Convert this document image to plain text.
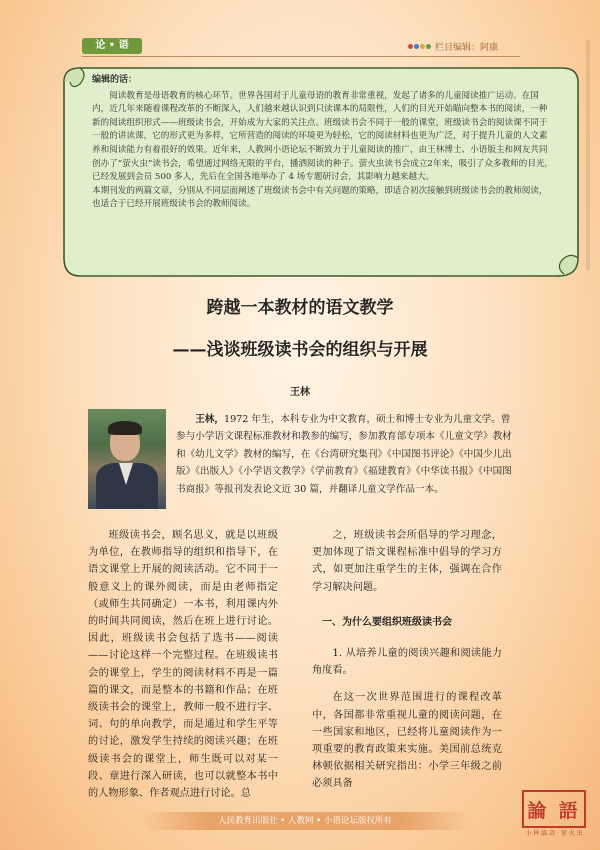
论 • 语	栏目编辑：阿康
编辑的话：

阅读教育是母语教育的核心环节。世界各国对于儿童母语的教育非常重视，发起了诸多的儿童阅读推广运动。在国内，近几年来随着课程改革的不断深入，人们越来越认识到只读课本的局限性，人们的目光开始瞄向整本书的阅读，一种新的阅读组织形式——班级读书会，开始成为大家的关注点。班级读书会不同于一般的课堂，班级读书会的阅读课不同于一般的讲读课，它的形式更为多样，它所营造的阅读的环境更为轻松，它的阅读材料也更为广泛，对于提升儿童的人文素养和阅读能力有着很好的效果。近年来，人教网小语论坛不断致力于儿童阅读的推广，由王林博士、小语版主和网友共同创办了“萤火虫”读书会，希望通过网络无限的平台，播洒阅读的种子。萤火虫读书会成立2年来，吸引了众多教师的目光，已经发展到会员 500 多人，先后在全国各地举办了 4 场专题研讨会，其影响力越来越大。

本期刊发的两篇文章，分别从不同层面阐述了班级读书会中有关问题的策略，即适合初次接触到班级读书会的教师阅读，也适合于已经开展班级读书会的教师阅读。

跨越一本教材的语文教学
——浅谈班级读书会的组织与开展
王林
王林，1972 年生，本科专业为中文教育，硕士和博士专业为儿童文学。曾参与小学语文课程标准教材和教参的编写，参加教育部专项本《儿童文学》教材和《幼儿文学》教材的编写，在《台湾研究集刊》《中国图书评论》《中国少儿出版》《出版人》《小学语文教学》《学前教育》《福建教育》《中华读书报》《中国图书商报》等报刊发表论文近 30 篇，并翻译儿童文学作品一本。

班级读书会，顾名思义，就是以班级为单位，在教师指导的组织和指导下，在语文课堂上开展的阅读活动。它不同于一般意义上的课外阅读，而是由老师指定（或师生共同确定）一本书，利用课内外的时间共同阅读，然后在班上进行讨论。因此，班级读书会包括了选书——阅读——讨论这样一个完整过程。在班级读书会的课堂上，学生的阅读材料不再是一篇篇的课文，而是整本的书籍和作品；在班级读书会的课堂上，教师一般不进行字、词、句的单向教学，而是通过和学生平等的讨论，激发学生持续的阅读兴趣；在班级读书会的课堂上，师生既可以对某一段、章进行深入研读，也可以就整本书中的人物形象、作者观点进行讨论。总

之，班级读书会所倡导的学习理念，更加体现了语文课程标准中倡导的学习方式，如更加注重学生的主体，强调在合作学习解决问题。

一、为什么要组织班级读书会

1. 从培养儿童的阅读兴趣和阅读能力角度看。

在这一次世界范围进行的课程改革中，各国都非常重视儿童的阅读问题，在一些国家和地区，已经将儿童阅读作为一项重要的教育政策来实施。美国前总统克林顿依据相关研究指出：小学三年级之前必须具备

人民教育出版社 • 人教网 • 小语论坛版权所有	論 語
小 林 論 語 · 萤 火 虫
